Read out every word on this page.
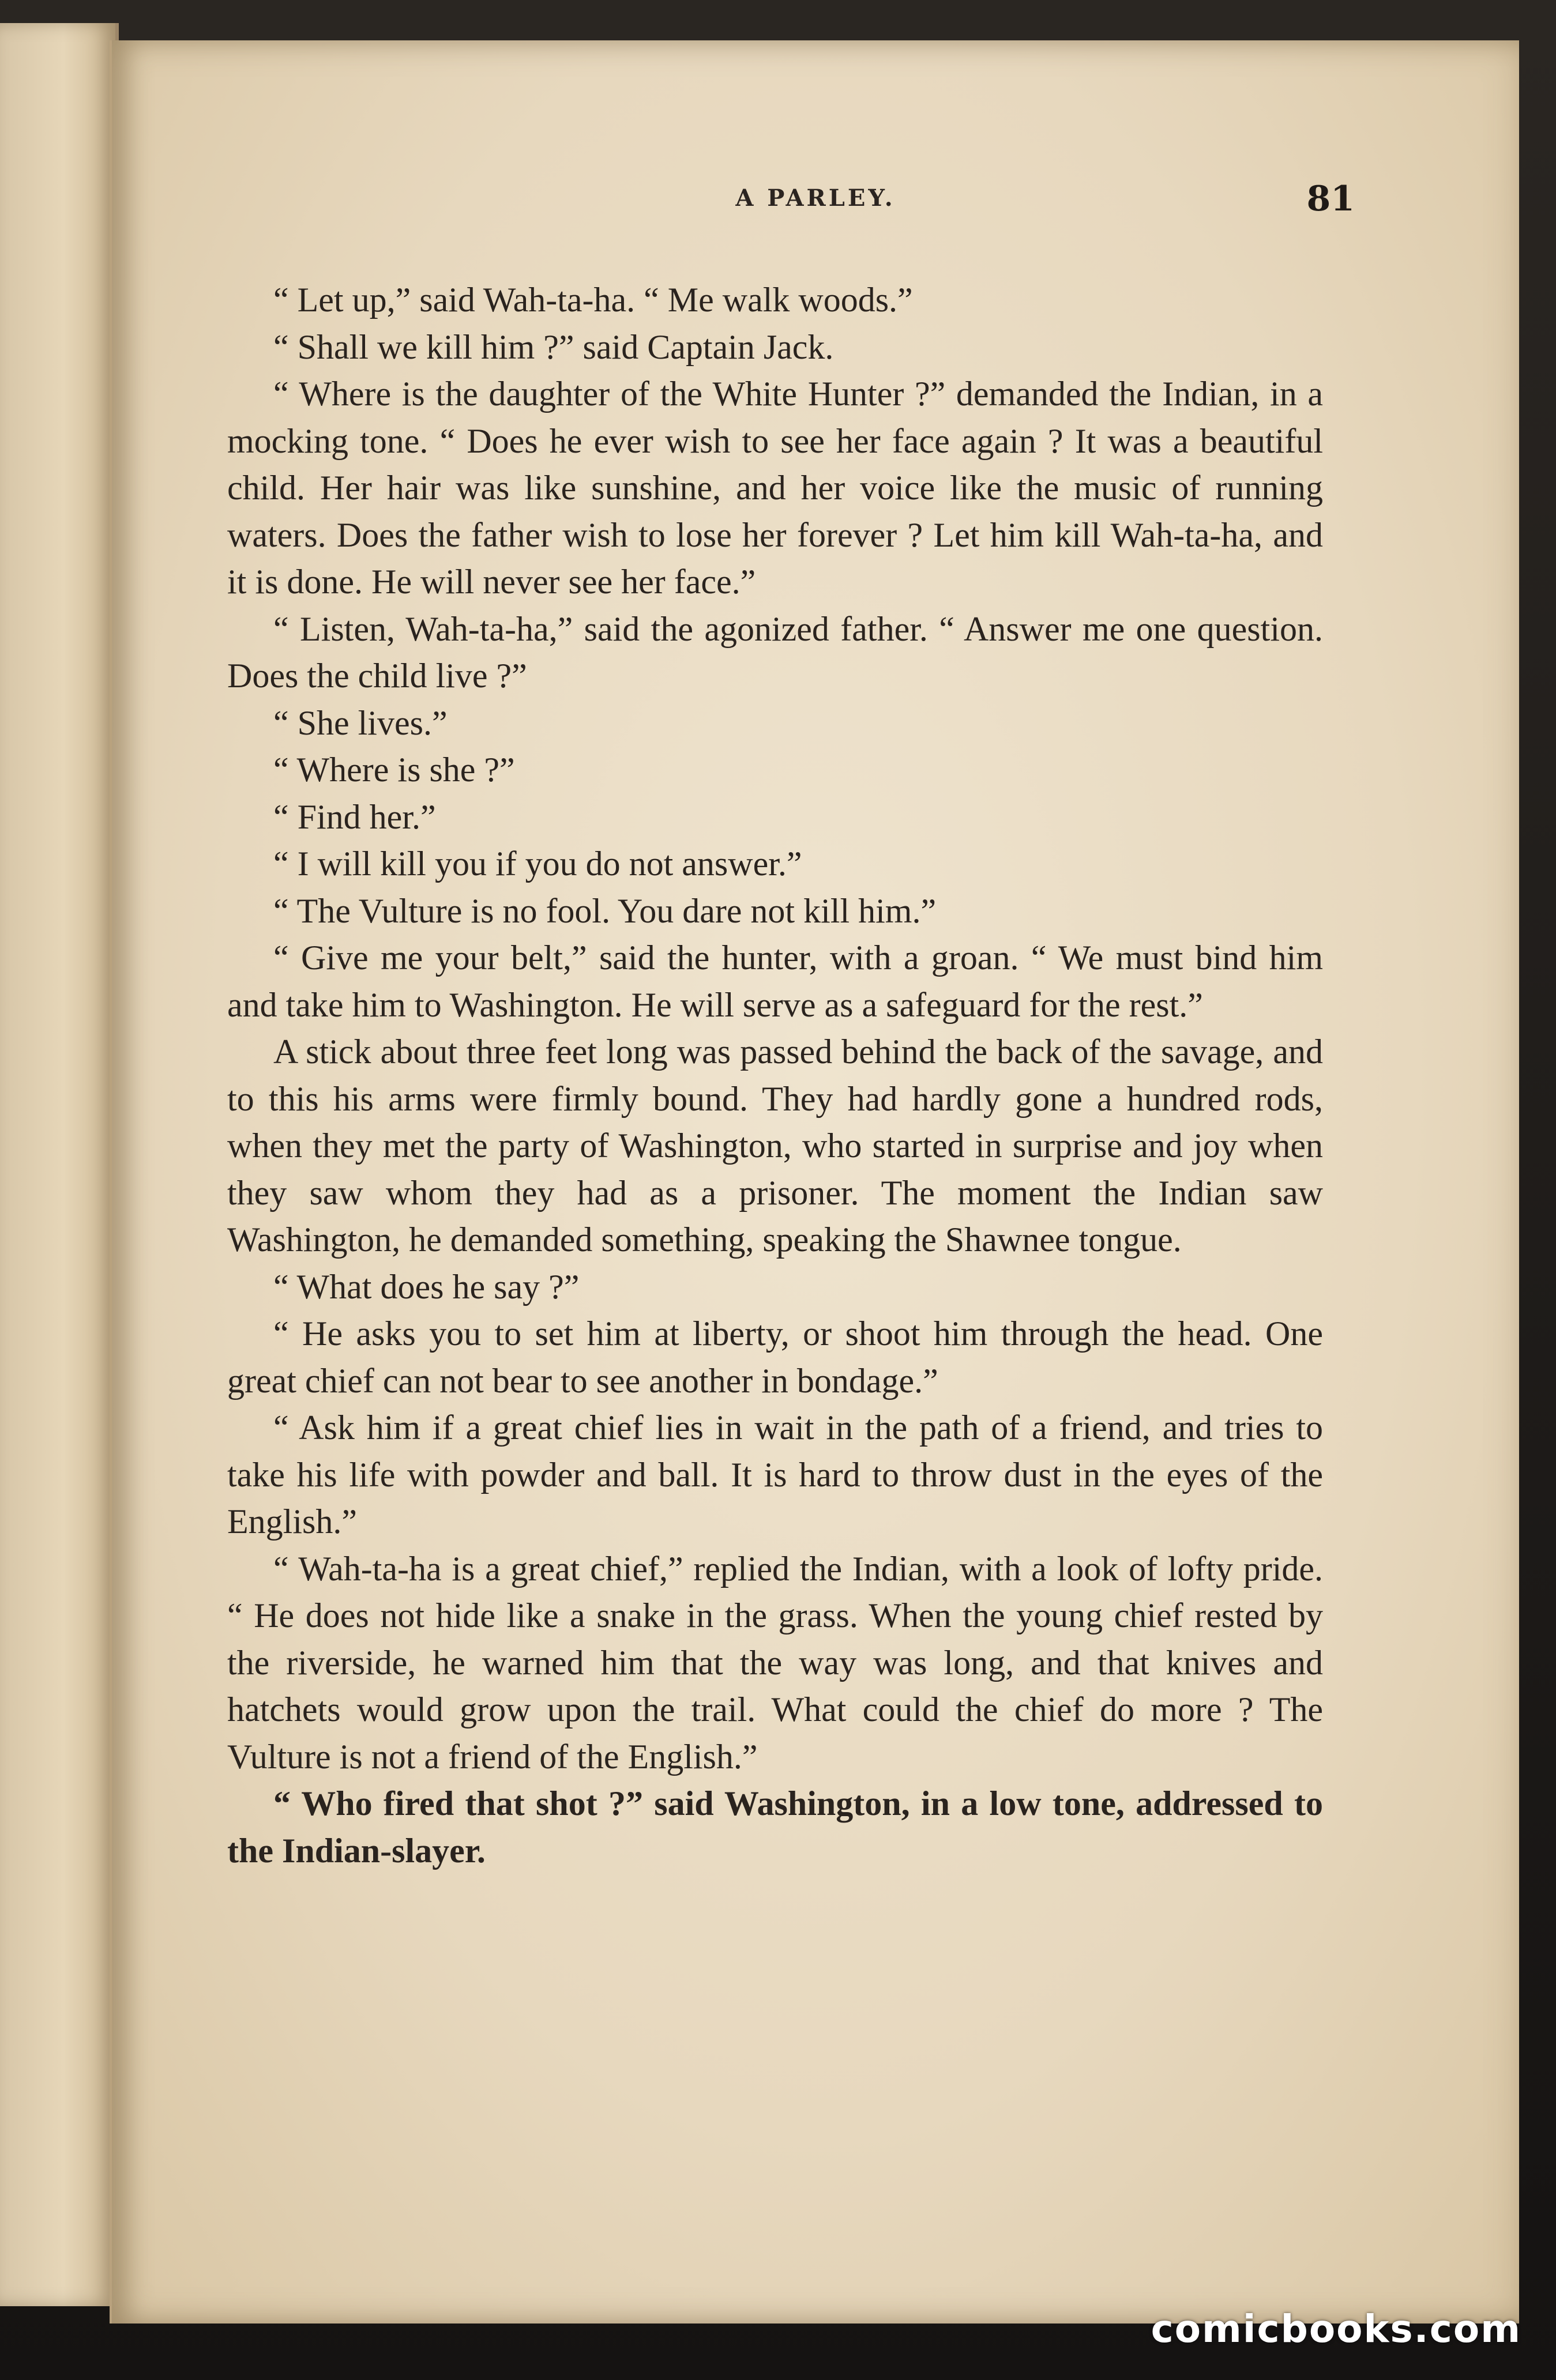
A PARLEY.	81

“ Let up,” said Wah-ta-ha. “ Me walk woods.”

“ Shall we kill him ?” said Captain Jack.

“ Where is the daughter of the White Hunter ?” demanded the Indian, in a mocking tone. “ Does he ever wish to see her face again ? It was a beautiful child. Her hair was like sunshine, and her voice like the music of running waters. Does the father wish to lose her forever ? Let him kill Wah-ta-ha, and it is done. He will never see her face.”

“ Listen, Wah-ta-ha,” said the agonized father. “ Answer me one question. Does the child live ?”

“ She lives.”

“ Where is she ?”

“ Find her.”

“ I will kill you if you do not answer.”

“ The Vulture is no fool. You dare not kill him.”

“ Give me your belt,” said the hunter, with a groan. “ We must bind him and take him to Washington. He will serve as a safeguard for the rest.”

A stick about three feet long was passed behind the back of the savage, and to this his arms were firmly bound. They had hardly gone a hundred rods, when they met the party of Washington, who started in surprise and joy when they saw whom they had as a prisoner. The moment the Indian saw Washington, he demanded something, speaking the Shawnee tongue.

“ What does he say ?”

“ He asks you to set him at liberty, or shoot him through the head. One great chief can not bear to see another in bondage.”

“ Ask him if a great chief lies in wait in the path of a friend, and tries to take his life with powder and ball. It is hard to throw dust in the eyes of the English.”

“ Wah-ta-ha is a great chief,” replied the Indian, with a look of lofty pride. “ He does not hide like a snake in the grass. When the young chief rested by the riverside, he warned him that the way was long, and that knives and hatchets would grow upon the trail. What could the chief do more ? The Vulture is not a friend of the English.”

“ Who fired that shot ?” said Washington, in a low tone, addressed to the Indian-slayer.

comicbooks.com
